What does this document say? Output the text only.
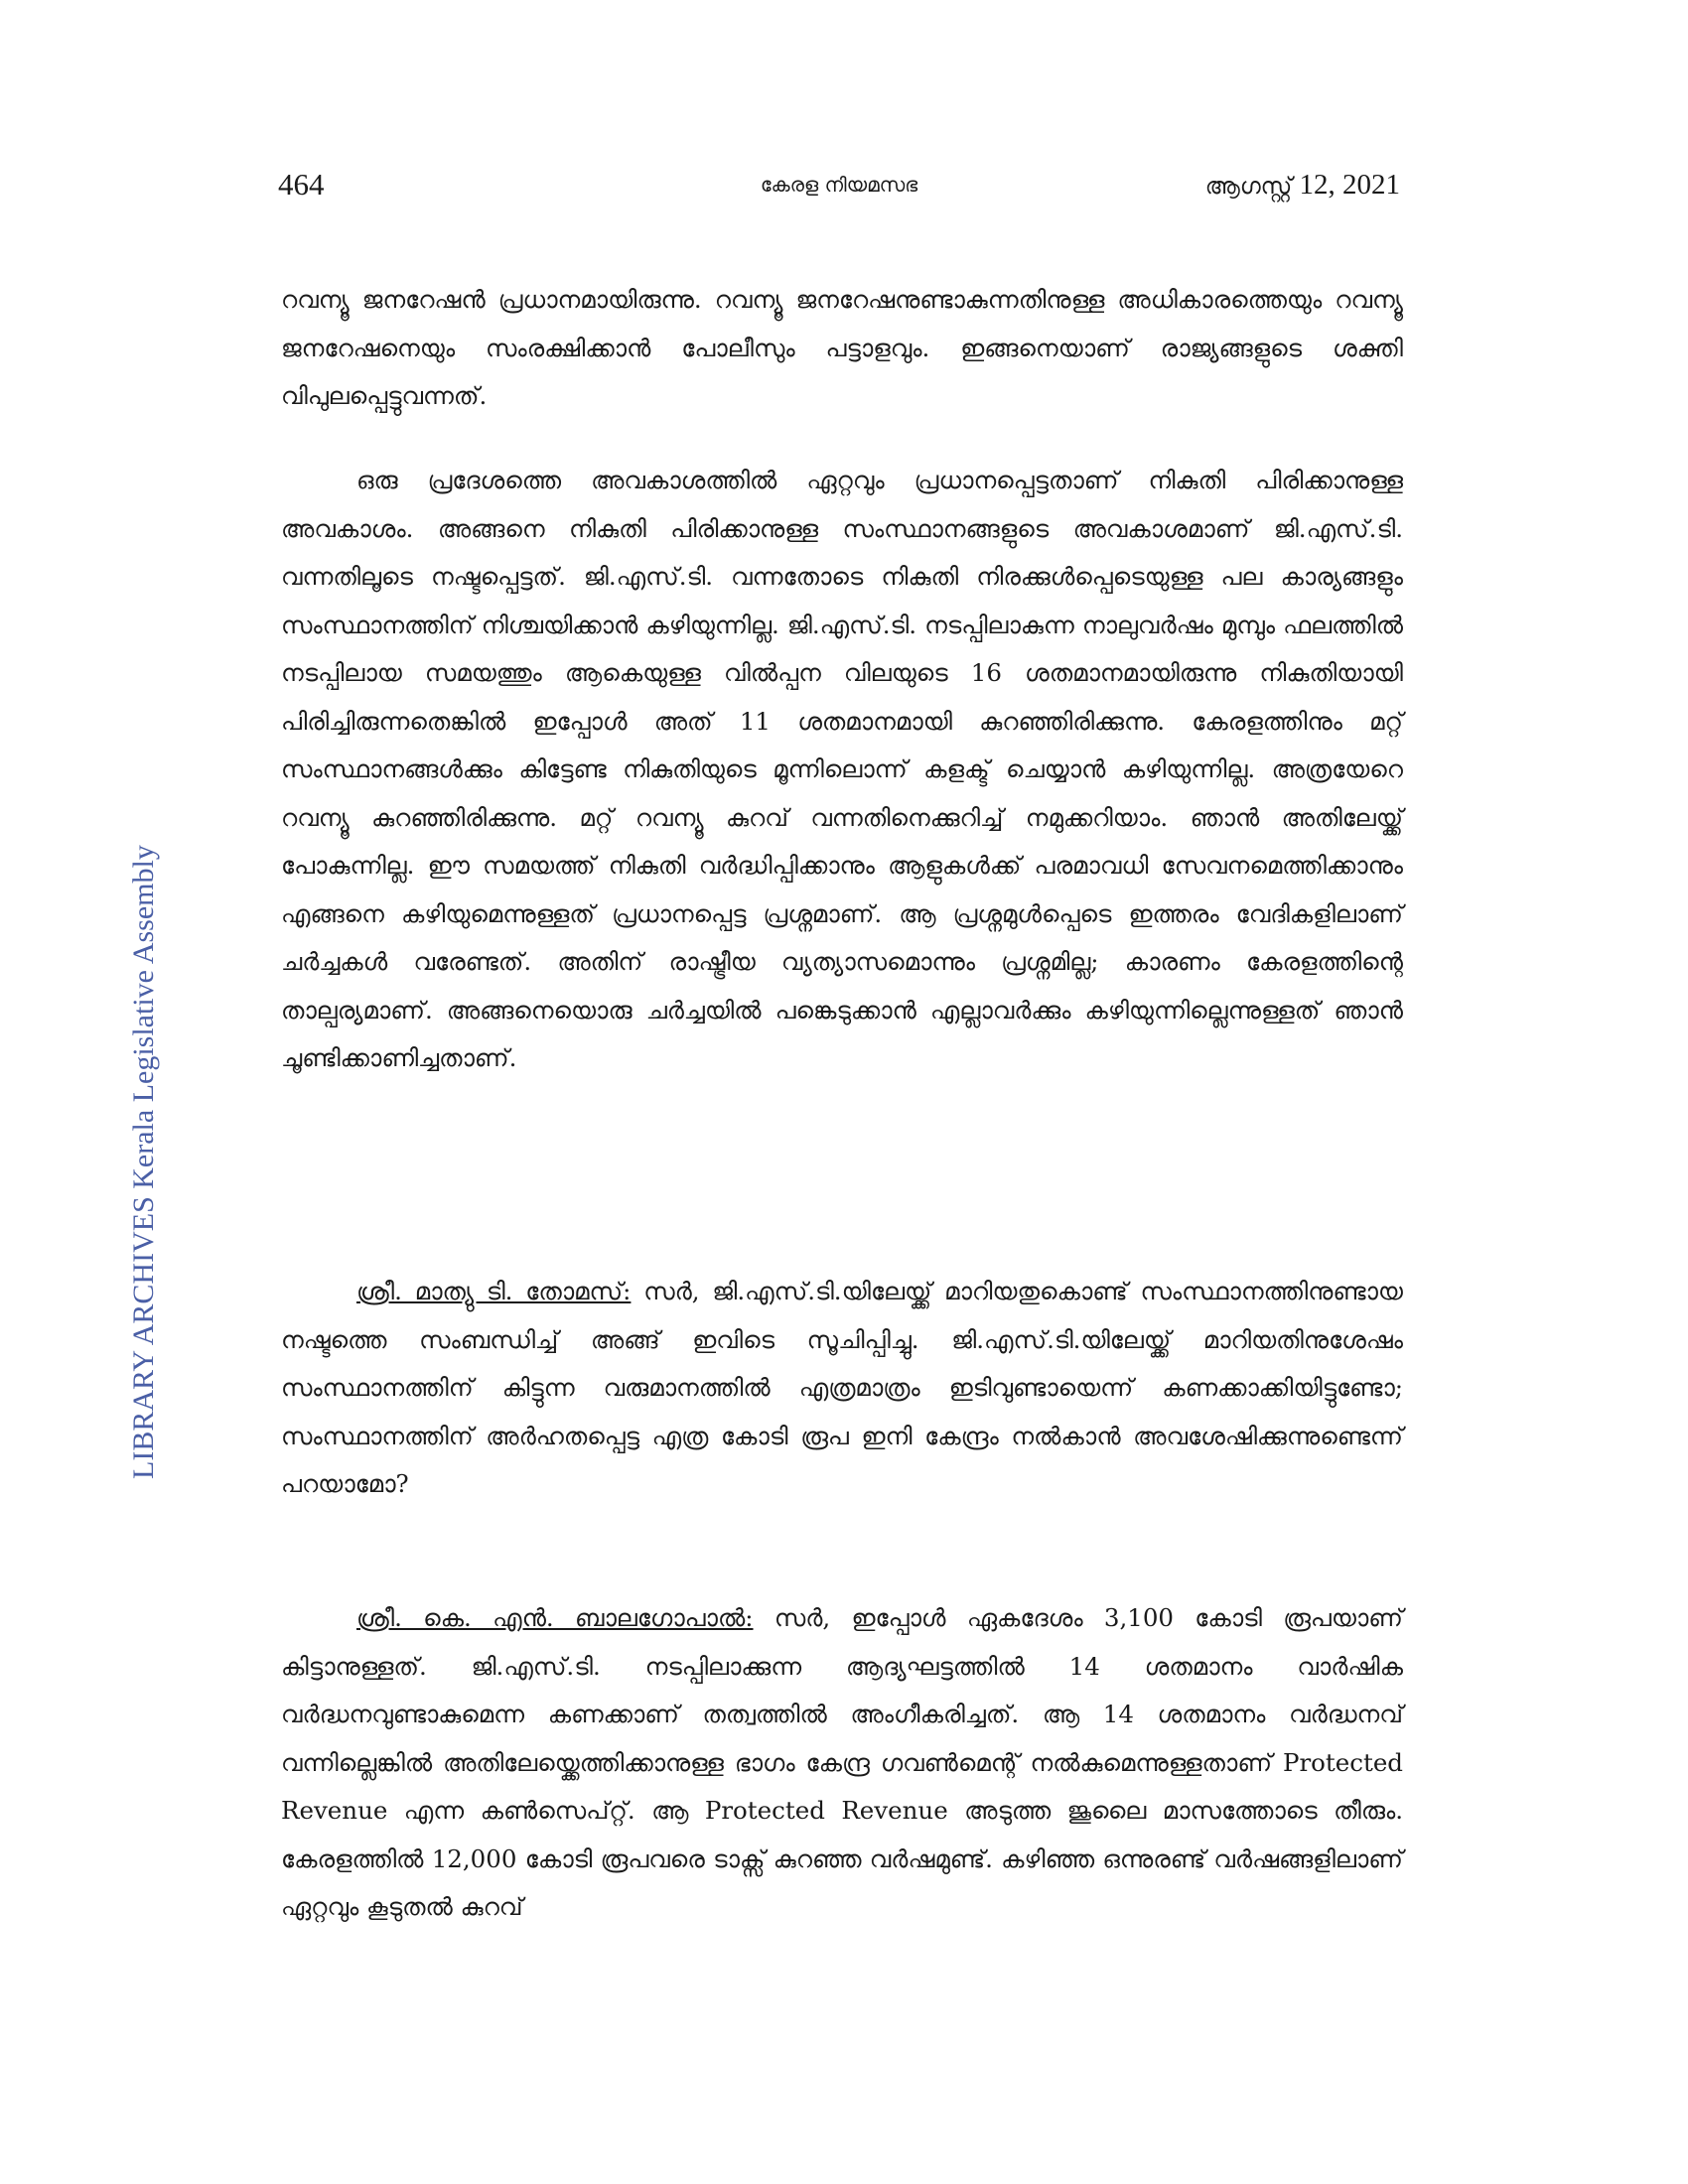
464	കേരള നിയമസഭ	ആഗസ്റ്റ് 12, 2021
LIBRARY ARCHIVES Kerala Legislative Assembly

റവന്യൂ ജനറേഷൻ പ്രധാനമായിരുന്നു. റവന്യൂ ജനറേഷനുണ്ടാകുന്നതിനുള്ള അധികാരത്തെയും റവന്യൂ ജനറേഷനെയും സംരക്ഷിക്കാൻ പോലീസും പട്ടാളവും. ഇങ്ങനെയാണ് രാജ്യങ്ങളുടെ ശക്തി വിപുലപ്പെട്ടുവന്നത്.

ഒരു പ്രദേശത്തെ അവകാശത്തിൽ ഏറ്റവും പ്രധാനപ്പെട്ടതാണ് നികുതി പിരിക്കാനുള്ള അവകാശം. അങ്ങനെ നികുതി പിരിക്കാനുള്ള സംസ്ഥാനങ്ങളുടെ അവകാശമാണ് ജി.എസ്.ടി. വന്നതിലൂടെ നഷ്ടപ്പെട്ടത്. ജി.എസ്.ടി. വന്നതോടെ നികുതി നിരക്കുൾപ്പെടെയുള്ള പല കാര്യങ്ങളും സംസ്ഥാനത്തിന് നിശ്ചയിക്കാൻ കഴിയുന്നില്ല. ജി.എസ്.ടി. നടപ്പിലാകുന്ന നാലുവർഷം മുമ്പും ഫലത്തിൽ നടപ്പിലായ സമയത്തും ആകെയുള്ള വിൽപ്പന വിലയുടെ 16 ശതമാനമായിരുന്നു നികുതിയായി പിരിച്ചിരുന്നതെങ്കിൽ ഇപ്പോൾ അത് 11 ശതമാനമായി കുറഞ്ഞിരിക്കുന്നു. കേരളത്തിനും മറ്റ് സംസ്ഥാനങ്ങൾക്കും കിട്ടേണ്ട നികുതിയുടെ മൂന്നിലൊന്ന് കളക്ട് ചെയ്യാൻ കഴിയുന്നില്ല. അത്രയേറെ റവന്യൂ കുറഞ്ഞിരിക്കുന്നു. മറ്റ് റവന്യൂ കുറവ് വന്നതിനെക്കുറിച്ച് നമുക്കറിയാം. ഞാൻ അതിലേയ്ക്ക് പോകുന്നില്ല. ഈ സമയത്ത് നികുതി വർദ്ധിപ്പിക്കാനും ആളുകൾക്ക് പരമാവധി സേവനമെത്തിക്കാനും എങ്ങനെ കഴിയുമെന്നുള്ളത് പ്രധാനപ്പെട്ട പ്രശ്നമാണ്. ആ പ്രശ്നമുൾപ്പെടെ ഇത്തരം വേദികളിലാണ് ചർച്ചകൾ വരേണ്ടത്. അതിന് രാഷ്ട്രീയ വ്യത്യാസമൊന്നും പ്രശ്നമില്ല; കാരണം കേരളത്തിന്റെ താല്പര്യമാണ്. അങ്ങനെയൊരു ചർച്ചയിൽ പങ്കെടുക്കാൻ എല്ലാവർക്കും കഴിയുന്നില്ലെന്നുള്ളത് ഞാൻ ചൂണ്ടിക്കാണിച്ചതാണ്.

ശ്രീ. മാത്യു ടി. തോമസ്: സർ, ജി.എസ്.ടി.യിലേയ്ക്ക് മാറിയതുകൊണ്ട് സംസ്ഥാനത്തിനുണ്ടായ നഷ്ടത്തെ സംബന്ധിച്ച് അങ്ങ് ഇവിടെ സൂചിപ്പിച്ചു. ജി.എസ്.ടി.യിലേയ്ക്ക് മാറിയതിനുശേഷം സംസ്ഥാനത്തിന് കിട്ടുന്ന വരുമാനത്തിൽ എത്രമാത്രം ഇടിവുണ്ടായെന്ന് കണക്കാക്കിയിട്ടുണ്ടോ; സംസ്ഥാനത്തിന് അർഹതപ്പെട്ട എത്ര കോടി രൂപ ഇനി കേന്ദ്രം നൽകാൻ അവശേഷിക്കുന്നുണ്ടെന്ന് പറയാമോ?

ശ്രീ. കെ. എൻ. ബാലഗോപാൽ: സർ, ഇപ്പോൾ ഏകദേശം 3,100 കോടി രൂപയാണ് കിട്ടാനുള്ളത്. ജി.എസ്.ടി. നടപ്പിലാക്കുന്ന ആദ്യഘട്ടത്തിൽ 14 ശതമാനം വാർഷിക വർദ്ധനവുണ്ടാകുമെന്ന കണക്കാണ് തത്വത്തിൽ അംഗീകരിച്ചത്. ആ 14 ശതമാനം വർദ്ധനവ് വന്നില്ലെങ്കിൽ അതിലേയ്ക്കെത്തിക്കാനുള്ള ഭാഗം കേന്ദ്ര ഗവൺമെന്റ് നൽകുമെന്നുള്ളതാണ് Protected Revenue എന്ന കൺസെപ്റ്റ്. ആ Protected Revenue അടുത്ത ജൂലൈ മാസത്തോടെ തീരും. കേരളത്തിൽ 12,000 കോടി രൂപവരെ ടാക്സ് കുറഞ്ഞ വർഷമുണ്ട്. കഴിഞ്ഞ ഒന്നുരണ്ട് വർഷങ്ങളിലാണ് ഏറ്റവും കൂടുതൽ കുറവ്
